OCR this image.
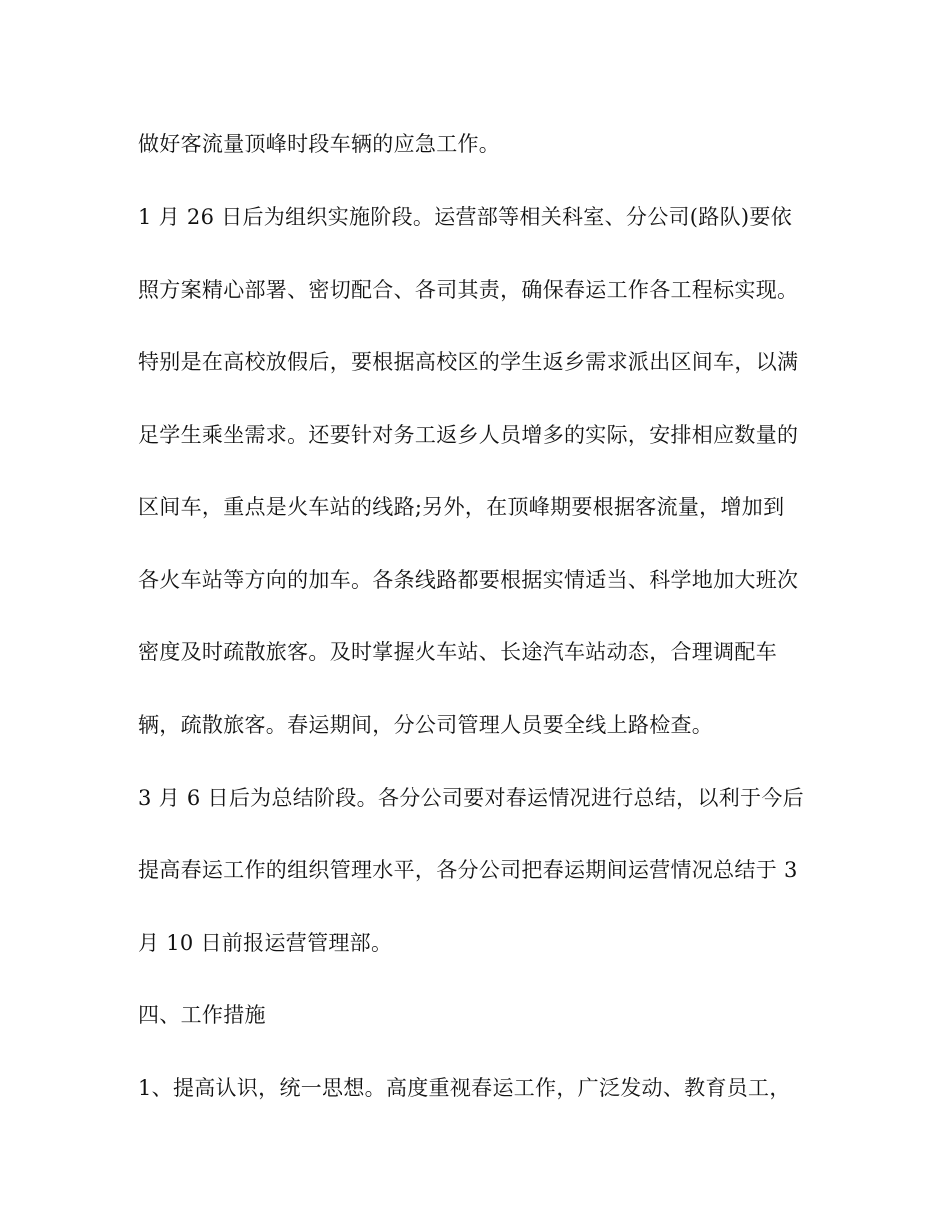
做好客流量顶峰时段车辆的应急工作。
1 月 26 日后为组织实施阶段。运营部等相关科室、分公司(路队)要依
照方案精心部署、密切配合、各司其责，确保春运工作各工程标实现。
特别是在高校放假后，要根据高校区的学生返乡需求派出区间车，以满
足学生乘坐需求。还要针对务工返乡人员增多的实际，安排相应数量的
区间车，重点是火车站的线路;另外，在顶峰期要根据客流量，增加到
各火车站等方向的加车。各条线路都要根据实情适当、科学地加大班次
密度及时疏散旅客。及时掌握火车站、长途汽车站动态，合理调配车
辆，疏散旅客。春运期间，分公司管理人员要全线上路检查。
3 月 6 日后为总结阶段。各分公司要对春运情况进行总结，以利于今后
提高春运工作的组织管理水平，各分公司把春运期间运营情况总结于 3
月 10 日前报运营管理部。
四、工作措施
1、提高认识，统一思想。高度重视春运工作，广泛发动、教育员工，
